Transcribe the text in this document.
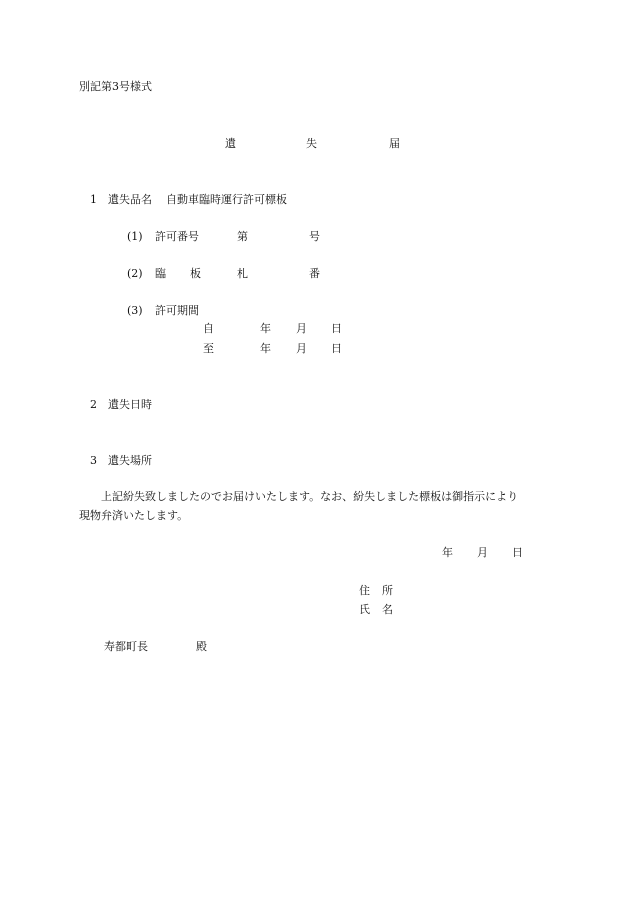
別記第3号様式
遺	失	届
1 遺失品名 自動車臨時運行許可標板
(1) 許可番号	第	号
(2) 臨 板	札	番
(3) 許可期間
自	年 月 日
至	年 月 日
2 遺失日時
3 遺失場所
上記紛失致しましたのでお届けいたします。なお、紛失しました標板は御指示により
現物弁済いたします。
年 月 日
住 所
氏 名
寿都町長	殿
